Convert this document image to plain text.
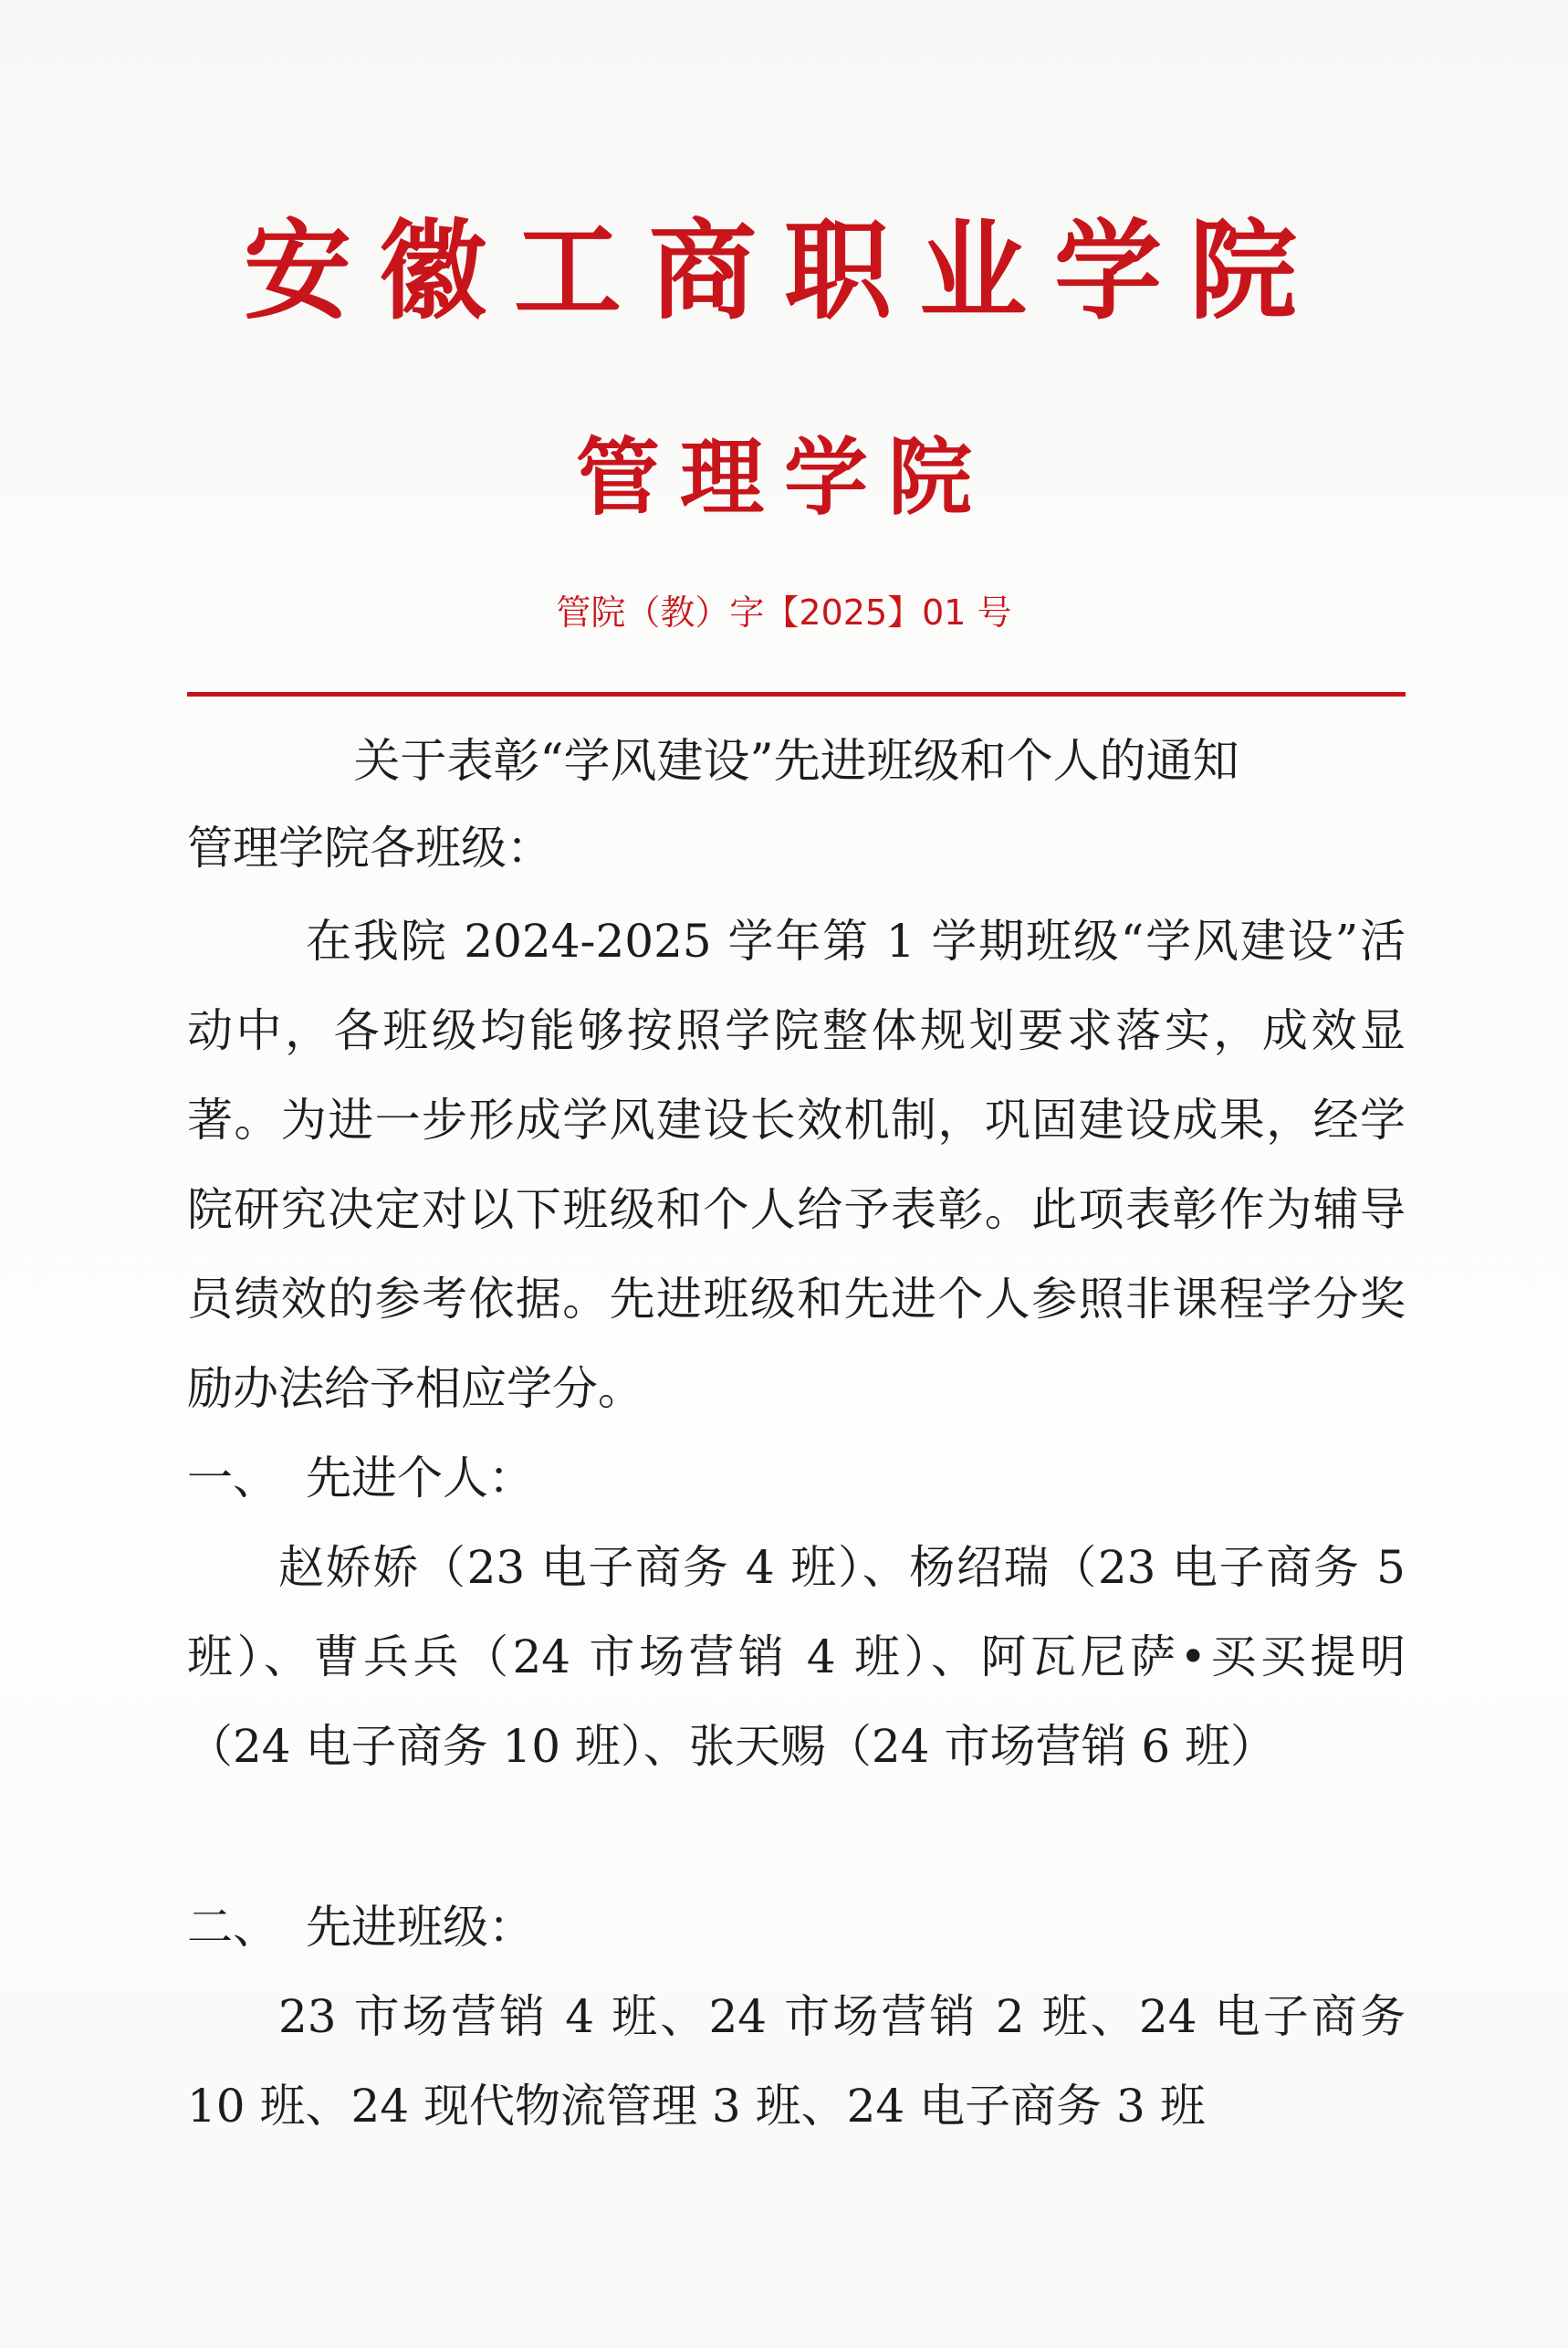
安徽工商职业学院
管理学院
管院（教）字【2025】01 号
关于表彰“学风建设”先进班级和个人的通知
管理学院各班级：
在我院 2024-2025 学年第 1 学期班级“学风建设”活动中，各班级均能够按照学院整体规划要求落实，成效显著。为进一步形成学风建设长效机制，巩固建设成果，经学院研究决定对以下班级和个人给予表彰。此项表彰作为辅导员绩效的参考依据。先进班级和先进个人参照非课程学分奖励办法给予相应学分。
一、 先进个人：
赵娇娇（23 电子商务 4 班）、杨绍瑞（23 电子商务 5 班）、曹兵兵（24 市场营销 4 班）、阿瓦尼萨•买买提明（24 电子商务 10 班）、张天赐（24 市场营销 6 班）
二、 先进班级：
23 市场营销 4 班、24 市场营销 2 班、24 电子商务 10 班、24 现代物流管理 3 班、24 电子商务 3 班
